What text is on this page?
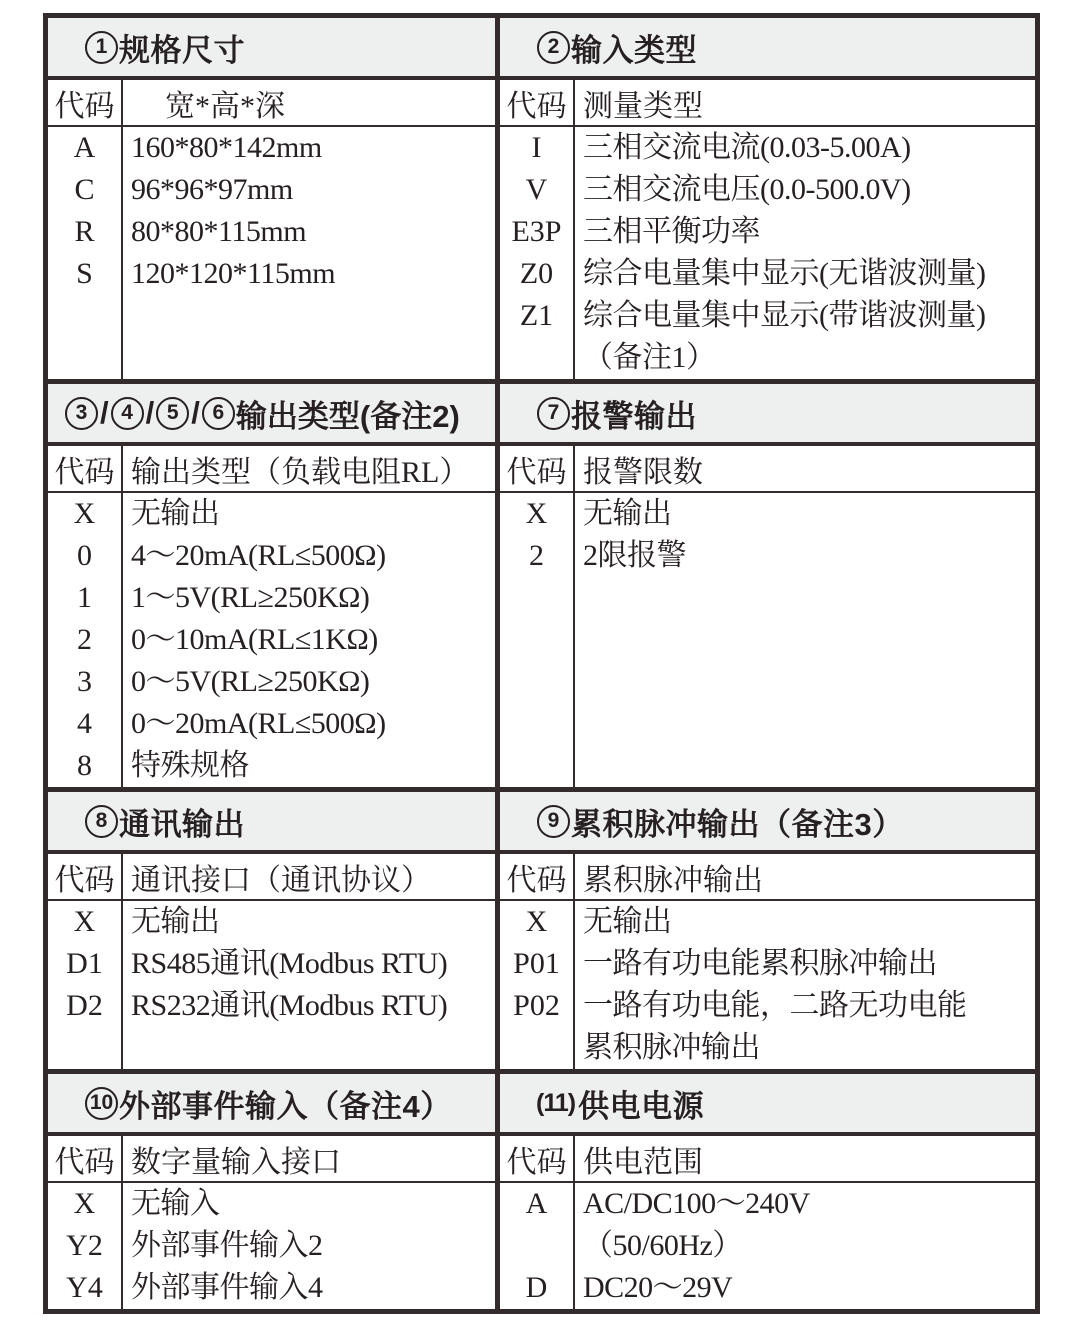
1 规格尺寸
代码	宽*高*深
A
C
R
S
160*80*142mm
96*96*97mm
80*80*115mm
120*120*115mm
2 输入类型
代码 测量类型
I
V
E3P
Z0
Z1
三相交流电流(0.03-5.00A)
三相交流电压(0.0-500.0V)
三相平衡功率
综合电量集中显示(无谐波测量)
综合电量集中显示(带谐波测量)
（备注1）
3 / 4 / 5 / 6 输出类型 (备注2)
代码 输出类型（负载电阻RL）
X
0
1
2
3
4
8
无输出
4～20mA(RL≤500Ω)
1～5V(RL≥250KΩ)
0～10mA(RL≤1KΩ)
0～5V(RL≥250KΩ)
0～20mA(RL≤500Ω)
特殊规格
7 报警输出
代码 报警限数
X
2
无输出
2限报警
8 通讯输出
代码 通讯接口（通讯协议）
X
D1
D2
无输出
RS485通讯(Modbus RTU)
RS232通讯(Modbus RTU)
9 累积脉冲输出 （备注3）
代码 累积脉冲输出
X
P01
P02
无输出
一路有功电能累积脉冲输出
一路有功电能，二路无功电能
累积脉冲输出
10 外部事件输入 （备注4）
代码 数字量输入接口
X
Y2
Y4
无输入
外部事件输入2
外部事件输入4
(11) 供电电源
代码 供电范围
A
D
AC/DC100～240V
（50/60Hz）
DC20～29V
